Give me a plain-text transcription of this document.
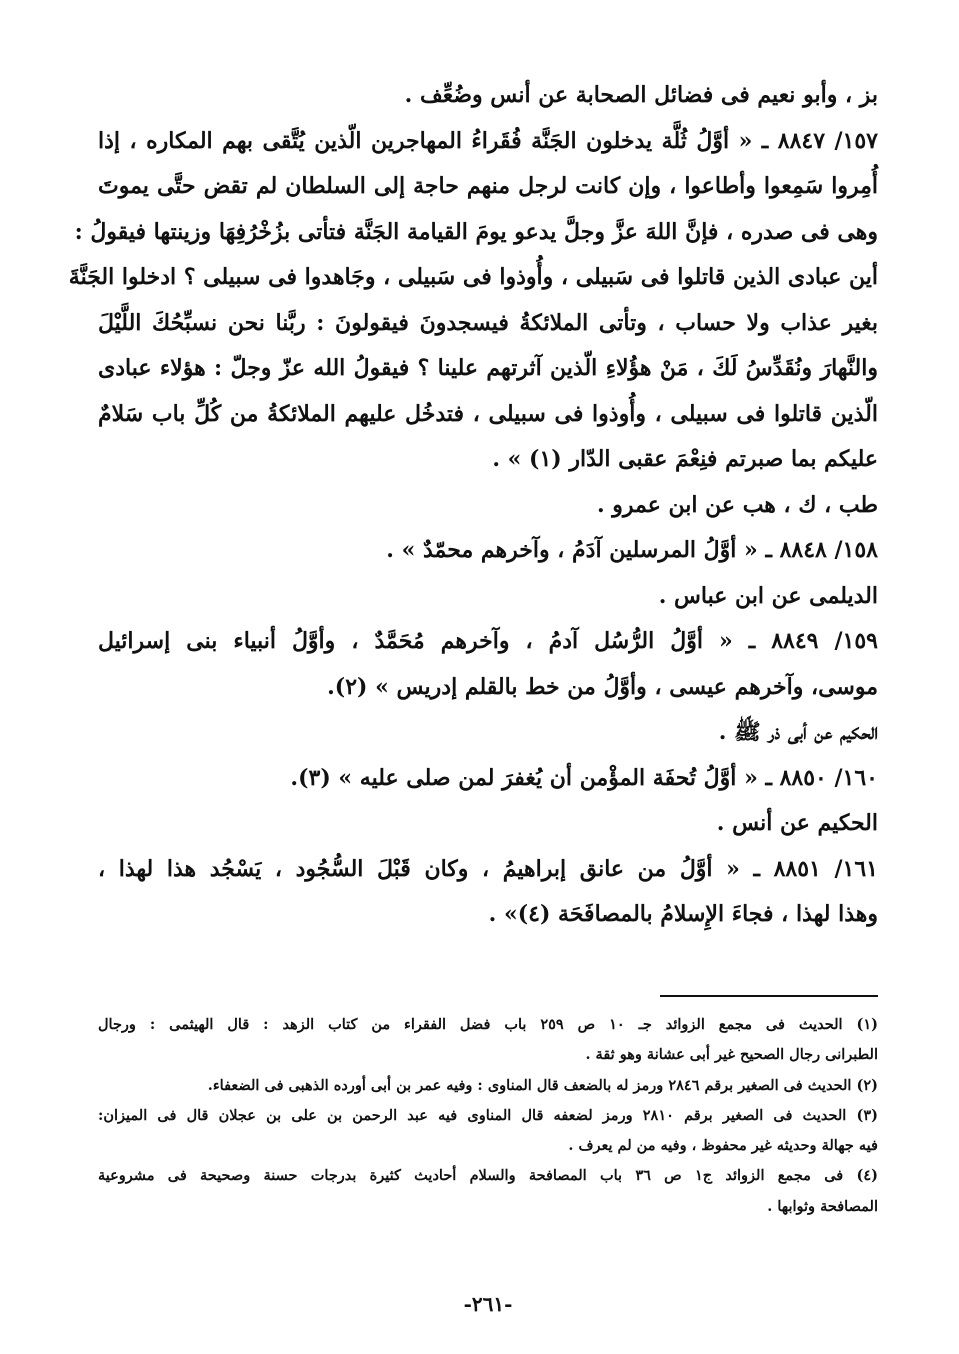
بز ، وأبو نعيم فى فضائل الصحابة عن أنس وضُعِّف .
١٥٧/ ٨٨٤٧ ـ « أوَّلُ ثُلَّة يدخلون الجَنَّة فُقَراءُ المهاجرين الّذين يُتَّقى بهم المكاره ، إذا
أُمِروا سَمِعوا وأطاعوا ، وإن كانت لرجل منهم حاجة إلى السلطان لم تقض حتَّى يموتَ
وهى فى صدره ، فإنَّ اللهَ عزَّ وجلَّ يدعو يومَ القيامة الجَنَّة فتأتى بزُخْرُفِهَا وزينتها فيقولُ :
أين عبادى الذين قاتلوا فى سَبيلى ، وأُوذوا فى سَبيلى ، وجَاهدوا فى سبيلى ؟ ادخلوا الجَنَّةَ
بغير عذاب ولا حساب ، وتأتى الملائكةُ فيسجدونَ فيقولونَ : ربَّنا نحن نسبِّحُكَ اللَّيْلَ
والنَّهارَ ونُقَدِّسُ لَكَ ، مَنْ هؤُلاءِ الّذين آثرتهم علينا ؟ فيقولُ الله عزّ وجلّ : هؤلاء عبادى
الّذين قاتلوا فى سبيلى ، وأُوذوا فى سبيلى ، فتدخُل عليهم الملائكةُ من كُلِّ باب سَلامٌ
عليكم بما صبرتم فنِعْمَ عقبى الدّار (١) » .
طب ، ك ، هب عن ابن عمرو .
١٥٨/ ٨٨٤٨ ـ « أوَّلُ المرسلين آدَمُ ، وآخرهم محمّدٌ » .
الديلمى عن ابن عباس .
١٥٩/ ٨٨٤٩ ـ « أوَّلُ الرُّسُل آدمُ ، وآخرهم مُحَمَّدٌ ، وأوَّلُ أنبياء بنى إسرائيل
موسى، وآخرهم عيسى ، وأوَّلُ من خط بالقلم إدريس » (٢).
الحكيم عن أبى ذر ﷺ .
١٦٠/ ٨٨٥٠ ـ « أوَّلُ تُحفَة المؤْمن أن يُغفرَ لمن صلى عليه » (٣).
الحكيم عن أنس .
١٦١/ ٨٨٥١ ـ « أوَّلُ من عانق إبراهيمُ ، وكان قَبْلَ السُّجُود ، يَسْجُد هذا لهذا ،
وهذا لهذا ، فجاءَ الإِسلامُ بالمصافَحَة (٤)» .
(١) الحديث فى مجمع الزوائد جـ ١٠ ص ٢٥٩ باب فضل الفقراء من كتاب الزهد : قال الهيثمى : ورجال
الطبرانى رجال الصحيح غير أبى عشانة وهو ثقة .
(٢) الحديث فى الصغير برقم ٢٨٤٦ ورمز له بالضعف قال المناوى : وفيه عمر بن أبى أورده الذهبى فى الضعفاء.
(٣) الحديث فى الصغير برقم ٢٨١٠ ورمز لضعفه قال المناوى فيه عبد الرحمن بن على بن عجلان قال فى الميزان:
فيه جهالة وحديثه غير محفوظ ، وفيه من لم يعرف .
(٤) فى مجمع الزوائد ج١ ص ٣٦ باب المصافحة والسلام أحاديث كثيرة بدرجات حسنة وصحيحة فى مشروعية
المصافحة وثوابها .
-٢٦١-
